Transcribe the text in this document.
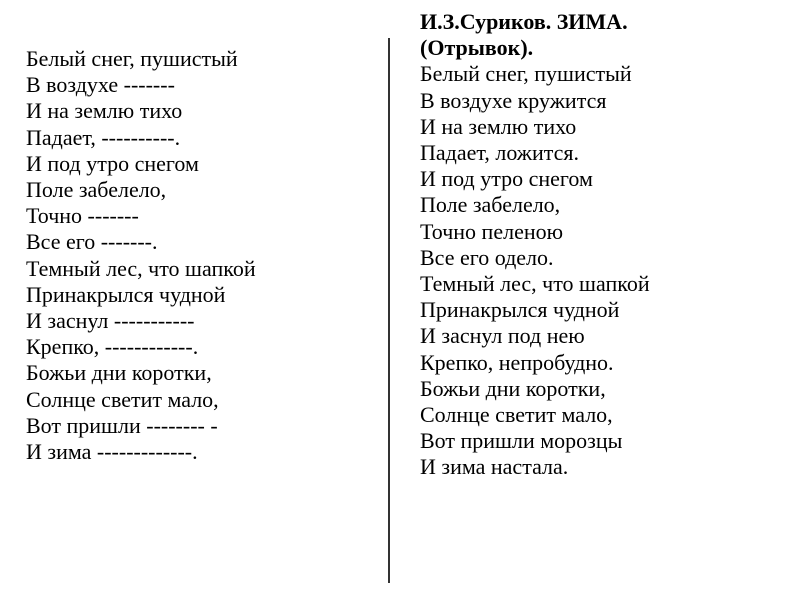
Белый снег, пушистый
В воздухе -------
И на землю тихо
Падает, ----------.
И под утро снегом
Поле забелело,
Точно -------
Все его -------.
Темный лес, что шапкой
Принакрылся чудной
И заснул -----------
Крепко, ------------.
Божьи дни коротки,
Солнце светит мало,
Вот пришли -------- -
И зима -------------.
И.З.Суриков. ЗИМА.
(Отрывок).
Белый снег, пушистый
В воздухе кружится
И на землю тихо
Падает, ложится.
И под утро снегом
Поле забелело,
Точно пеленою
Все его одело.
Темный лес, что шапкой
Принакрылся чудной
И заснул под нею
Крепко, непробудно.
Божьи дни коротки,
Солнце светит мало,
Вот пришли морозцы
И зима настала.
